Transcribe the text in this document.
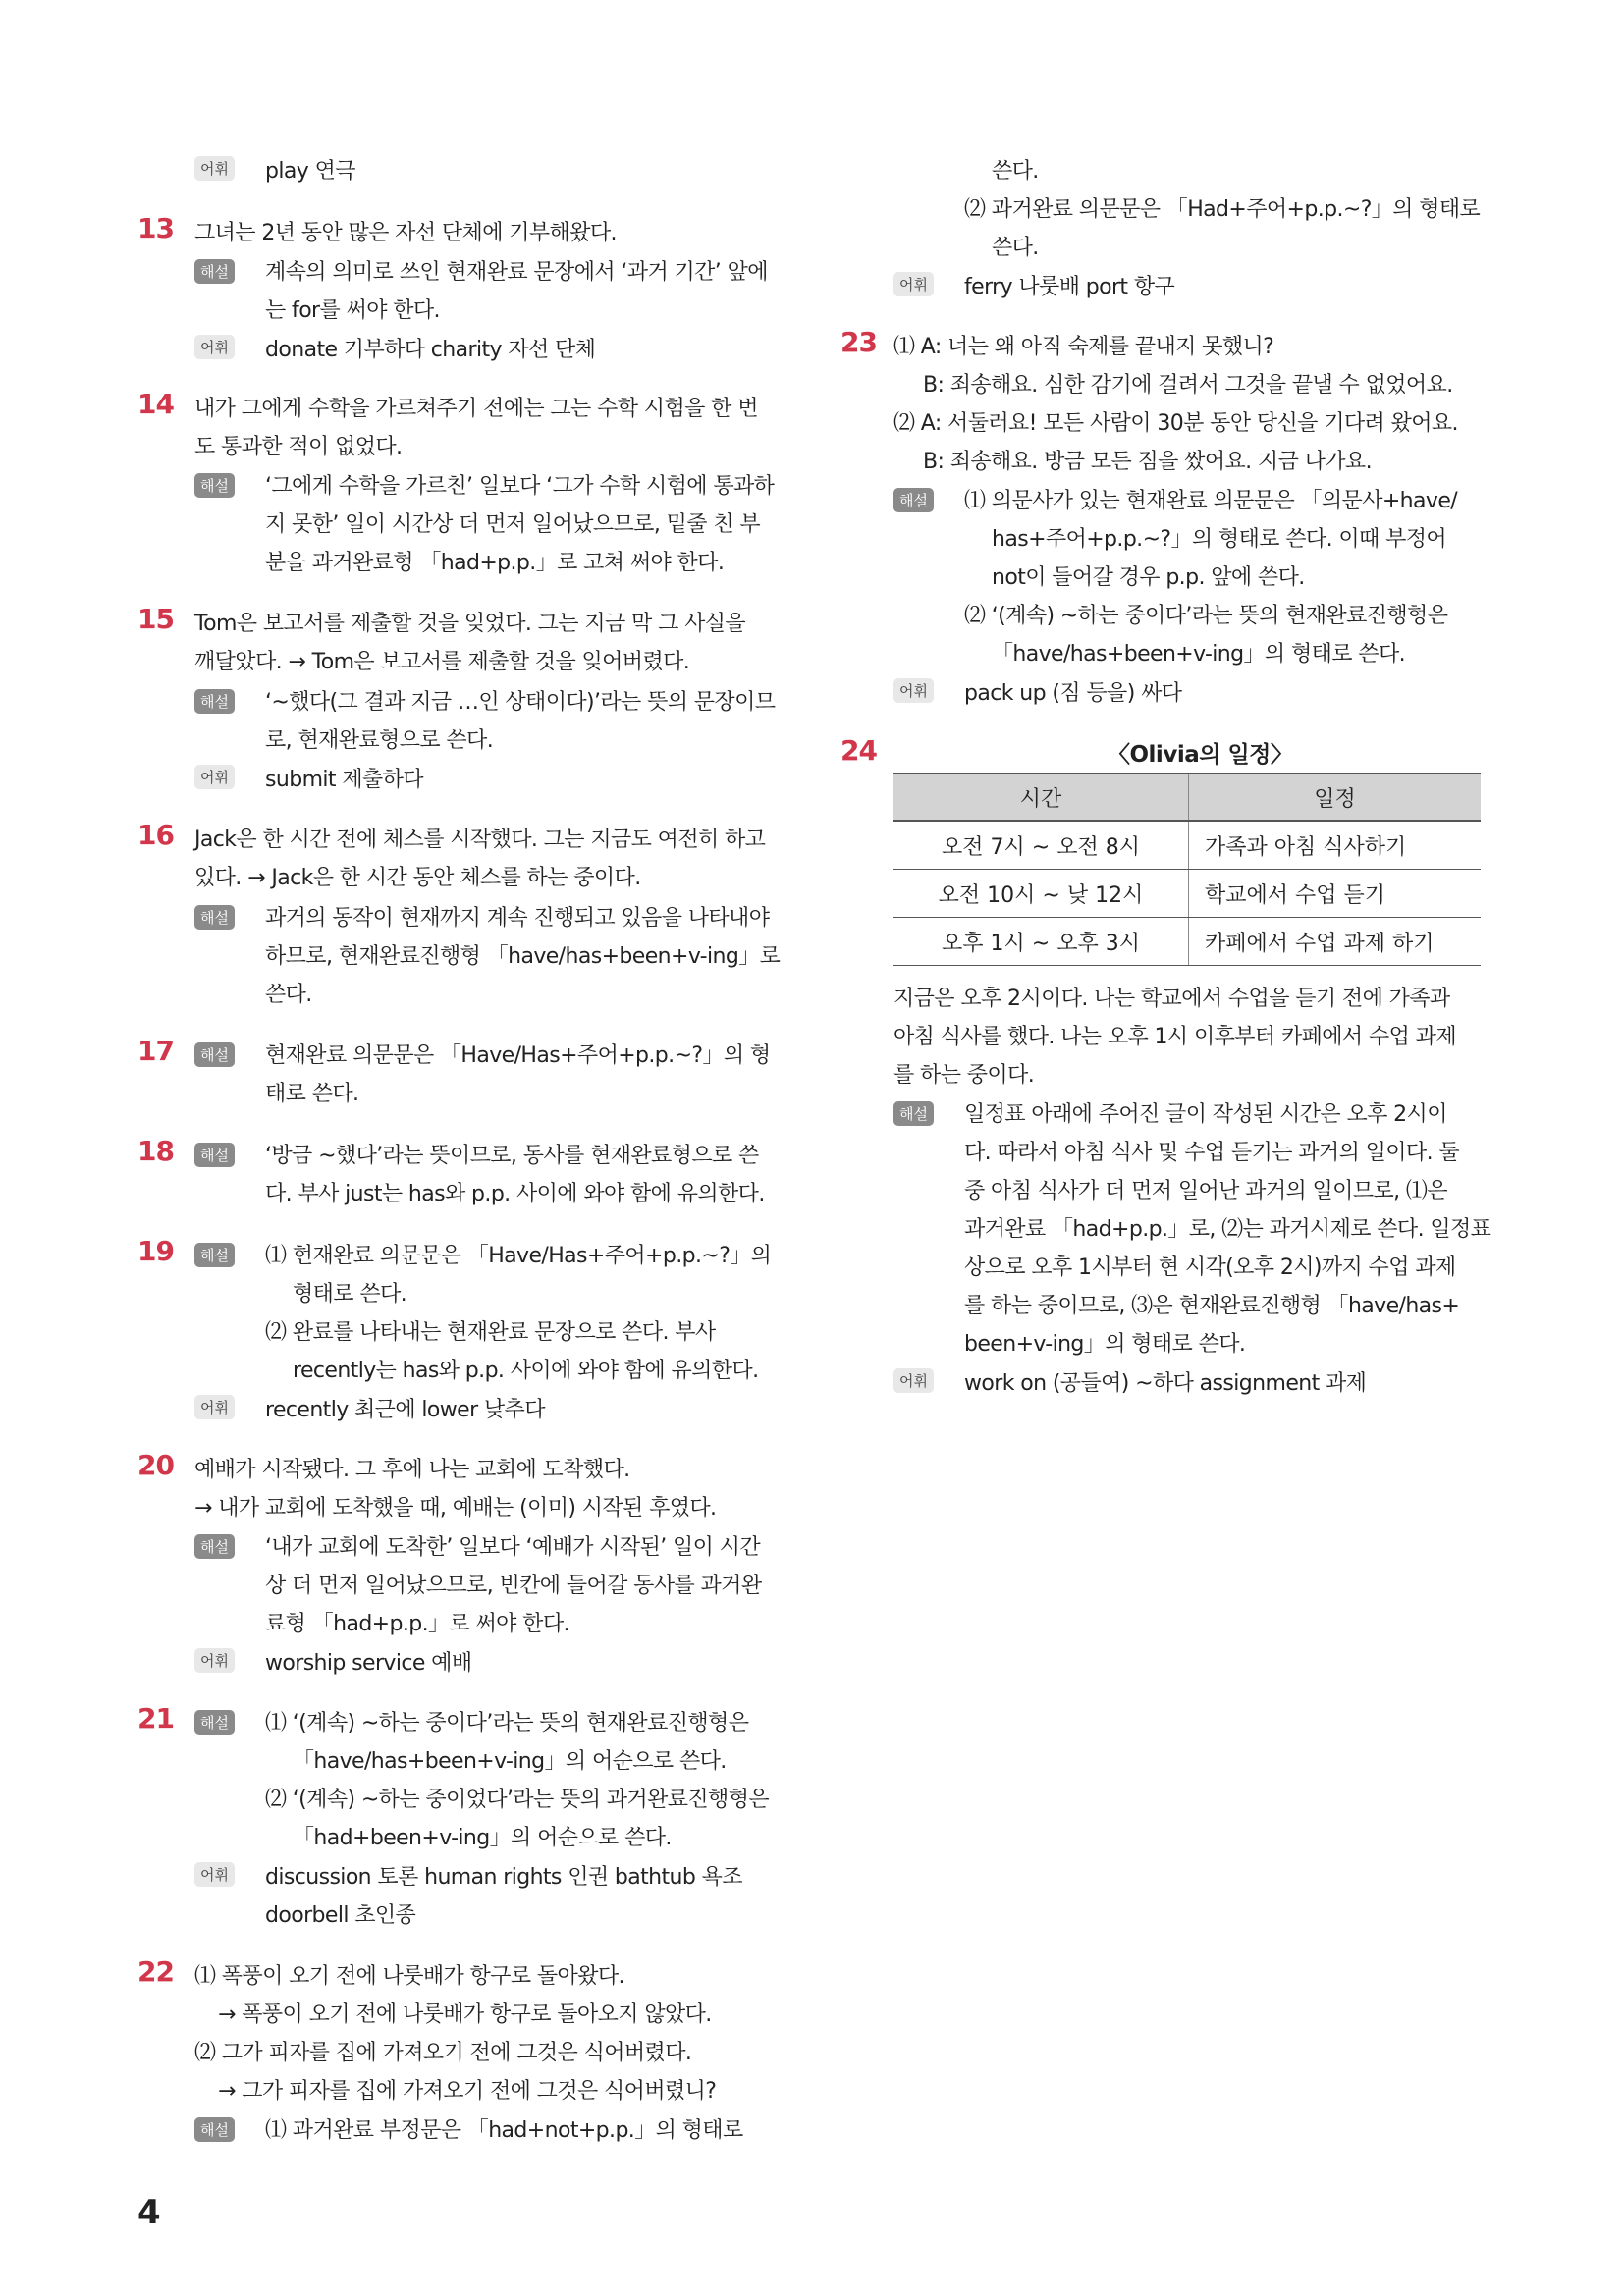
어휘 play 연극
13 그녀는 2년 동안 많은 자선 단체에 기부해왔다.
해설 계속의 의미로 쓰인 현재완료 문장에서 ‘과거 기간’ 앞에
는 for를 써야 한다.
어휘 donate 기부하다 charity 자선 단체
14 내가 그에게 수학을 가르쳐주기 전에는 그는 수학 시험을 한 번
도 통과한 적이 없었다.
해설 ‘그에게 수학을 가르친’ 일보다 ‘그가 수학 시험에 통과하
지 못한’ 일이 시간상 더 먼저 일어났으므로, 밑줄 친 부
분을 과거완료형 「had+p.p.」로 고쳐 써야 한다.
15 Tom은 보고서를 제출할 것을 잊었다. 그는 지금 막 그 사실을
깨달았다. → Tom은 보고서를 제출할 것을 잊어버렸다.
해설 ‘~했다(그 결과 지금 …인 상태이다)’라는 뜻의 문장이므
로, 현재완료형으로 쓴다.
어휘 submit 제출하다
16 Jack은 한 시간 전에 체스를 시작했다. 그는 지금도 여전히 하고
있다. → Jack은 한 시간 동안 체스를 하는 중이다.
해설 과거의 동작이 현재까지 계속 진행되고 있음을 나타내야
하므로, 현재완료진행형 「have/has+been+v-ing」로
쓴다.
17	해설 현재완료 의문문은 「Have/Has+주어+p.p.~?」의 형
태로 쓴다.
18	해설 ‘방금 ~했다’라는 뜻이므로, 동사를 현재완료형으로 쓴
다. 부사 just는 has와 p.p. 사이에 와야 함에 유의한다.
19	해설 ⑴ 현재완료 의문문은 「Have/Has+주어+p.p.~?」의
형태로 쓴다.
⑵ 완료를 나타내는 현재완료 문장으로 쓴다. 부사
recently는 has와 p.p. 사이에 와야 함에 유의한다.
어휘 recently 최근에 lower 낮추다
20 예배가 시작됐다. 그 후에 나는 교회에 도착했다.
→ 내가 교회에 도착했을 때, 예배는 (이미) 시작된 후였다.
해설 ‘내가 교회에 도착한’ 일보다 ‘예배가 시작된’ 일이 시간
상 더 먼저 일어났으므로, 빈칸에 들어갈 동사를 과거완
료형 「had+p.p.」로 써야 한다.
어휘 worship service 예배
21	해설 ⑴ ‘(계속) ~하는 중이다’라는 뜻의 현재완료진행형은
「have/has+been+v-ing」의 어순으로 쓴다.
⑵ ‘(계속) ~하는 중이었다’라는 뜻의 과거완료진행형은
「had+been+v-ing」의 어순으로 쓴다.
어휘 discussion 토론 human rights 인권 bathtub 욕조
doorbell 초인종
22 ⑴ 폭풍이 오기 전에 나룻배가 항구로 돌아왔다.
→ 폭풍이 오기 전에 나룻배가 항구로 돌아오지 않았다.
⑵ 그가 피자를 집에 가져오기 전에 그것은 식어버렸다.
→ 그가 피자를 집에 가져오기 전에 그것은 식어버렸니?
해설 ⑴ 과거완료 부정문은 「had+not+p.p.」의 형태로
쓴다.
⑵ 과거완료 의문문은 「Had+주어+p.p.~?」의 형태로
쓴다.
어휘 ferry 나룻배 port 항구
23 ⑴ A: 너는 왜 아직 숙제를 끝내지 못했니?
B: 죄송해요. 심한 감기에 걸려서 그것을 끝낼 수 없었어요.
⑵ A: 서둘러요! 모든 사람이 30분 동안 당신을 기다려 왔어요.
B: 죄송해요. 방금 모든 짐을 쌌어요. 지금 나가요.
해설 ⑴ 의문사가 있는 현재완료 의문문은 「의문사+have/
has+주어+p.p.~?」의 형태로 쓴다. 이때 부정어
not이 들어갈 경우 p.p. 앞에 쓴다.
⑵ ‘(계속) ~하는 중이다’라는 뜻의 현재완료진행형은
「have/has+been+v-ing」의 형태로 쓴다.
어휘 pack up (짐 등을) 싸다
24	〈Olivia의 일정〉
시간	일정
오전 7시 ~ 오전 8시	가족과 아침 식사하기
오전 10시 ~ 낮 12시	학교에서 수업 듣기
오후 1시 ~ 오후 3시	카페에서 수업 과제 하기
지금은 오후 2시이다. 나는 학교에서 수업을 듣기 전에 가족과
아침 식사를 했다. 나는 오후 1시 이후부터 카페에서 수업 과제
를 하는 중이다.
해설 일정표 아래에 주어진 글이 작성된 시간은 오후 2시이
다. 따라서 아침 식사 및 수업 듣기는 과거의 일이다. 둘
중 아침 식사가 더 먼저 일어난 과거의 일이므로, ⑴은
과거완료 「had+p.p.」로, ⑵는 과거시제로 쓴다. 일정표
상으로 오후 1시부터 현 시각(오후 2시)까지 수업 과제
를 하는 중이므로, ⑶은 현재완료진행형 「have/has+
been+v-ing」의 형태로 쓴다.
어휘 work on (공들여) ~하다 assignment 과제
4
